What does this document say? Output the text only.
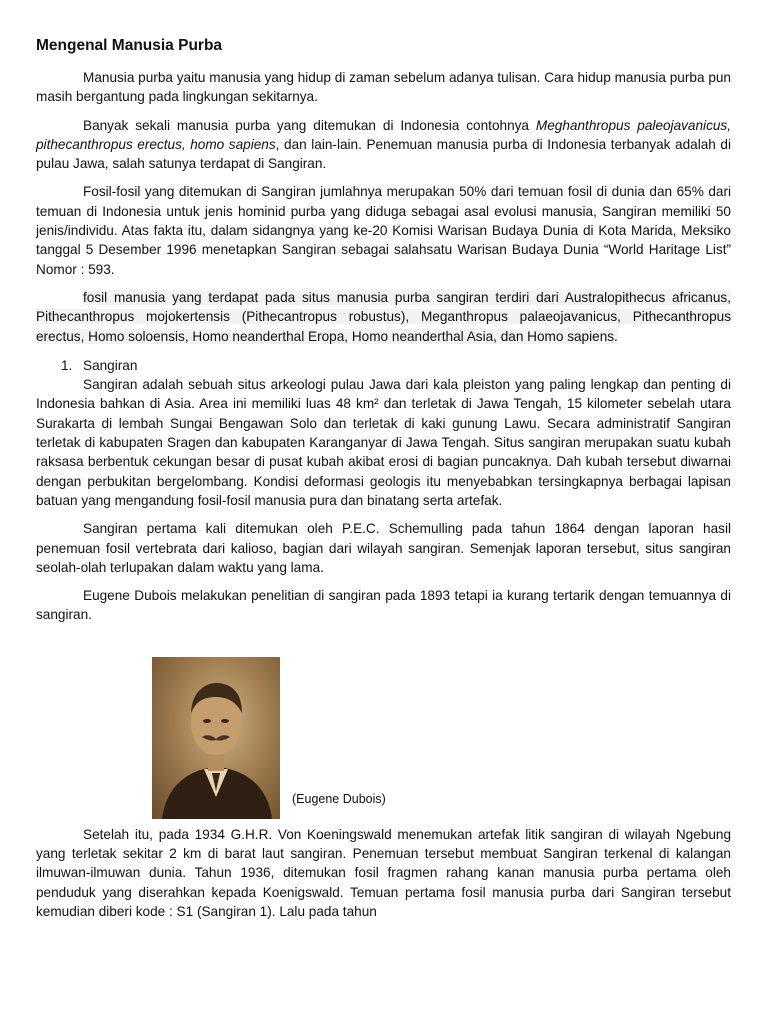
Mengenal Manusia Purba

Manusia purba yaitu manusia yang hidup di zaman sebelum adanya tulisan. Cara hidup manusia purba pun masih bergantung pada lingkungan sekitarnya.

Banyak sekali manusia purba yang ditemukan di Indonesia contohnya Meghanthropus paleojavanicus, pithecanthropus erectus, homo sapiens, dan lain-lain. Penemuan manusia purba di Indonesia terbanyak adalah di pulau Jawa, salah satunya terdapat di Sangiran.

Fosil-fosil yang ditemukan di Sangiran jumlahnya merupakan 50% dari temuan fosil di dunia dan 65% dari temuan di Indonesia untuk jenis hominid purba yang diduga sebagai asal evolusi manusia, Sangiran memiliki 50 jenis/individu. Atas fakta itu, dalam sidangnya yang ke-20 Komisi Warisan Budaya Dunia di Kota Marida, Meksiko tanggal 5 Desember 1996 menetapkan Sangiran sebagai salahsatu Warisan Budaya Dunia “World Haritage List” Nomor : 593.

fosil manusia yang terdapat pada situs manusia purba sangiran terdiri dari Australopithecus africanus, Pithecanthropus mojokertensis (Pithecantropus robustus), Meganthropus palaeojavanicus, Pithecanthropus erectus, Homo soloensis, Homo neanderthal Eropa, Homo neanderthal Asia, dan Homo sapiens.

1. Sangiran

Sangiran adalah sebuah situs arkeologi pulau Jawa dari kala pleiston yang paling lengkap dan penting di Indonesia bahkan di Asia. Area ini memiliki luas 48 km² dan terletak di Jawa Tengah, 15 kilometer sebelah utara Surakarta di lembah Sungai Bengawan Solo dan terletak di kaki gunung Lawu. Secara administratif Sangiran terletak di kabupaten Sragen dan kabupaten Karanganyar di Jawa Tengah. Situs sangiran merupakan suatu kubah raksasa berbentuk cekungan besar di pusat kubah akibat erosi di bagian puncaknya. Dah kubah tersebut diwarnai dengan perbukitan bergelombang. Kondisi deformasi geologis itu menyebabkan tersingkapnya berbagai lapisan batuan yang mengandung fosil-fosil manusia pura dan binatang serta artefak.

Sangiran pertama kali ditemukan oleh P.E.C. Schemulling pada tahun 1864 dengan laporan hasil penemuan fosil vertebrata dari kalioso, bagian dari wilayah sangiran. Semenjak laporan tersebut, situs sangiran seolah-olah terlupakan dalam waktu yang lama.

Eugene Dubois melakukan penelitian di sangiran pada 1893 tetapi ia kurang tertarik dengan temuannya di sangiran.

(Eugene Dubois)

Setelah itu, pada 1934 G.H.R. Von Koeningswald menemukan artefak litik sangiran di wilayah Ngebung yang terletak sekitar 2 km di barat laut sangiran. Penemuan tersebut membuat Sangiran terkenal di kalangan ilmuwan-ilmuwan dunia. Tahun 1936, ditemukan fosil fragmen rahang kanan manusia purba pertama oleh penduduk yang diserahkan kepada Koenigswald. Temuan pertama fosil manusia purba dari Sangiran tersebut kemudian diberi kode : S1 (Sangiran 1). Lalu pada tahun
